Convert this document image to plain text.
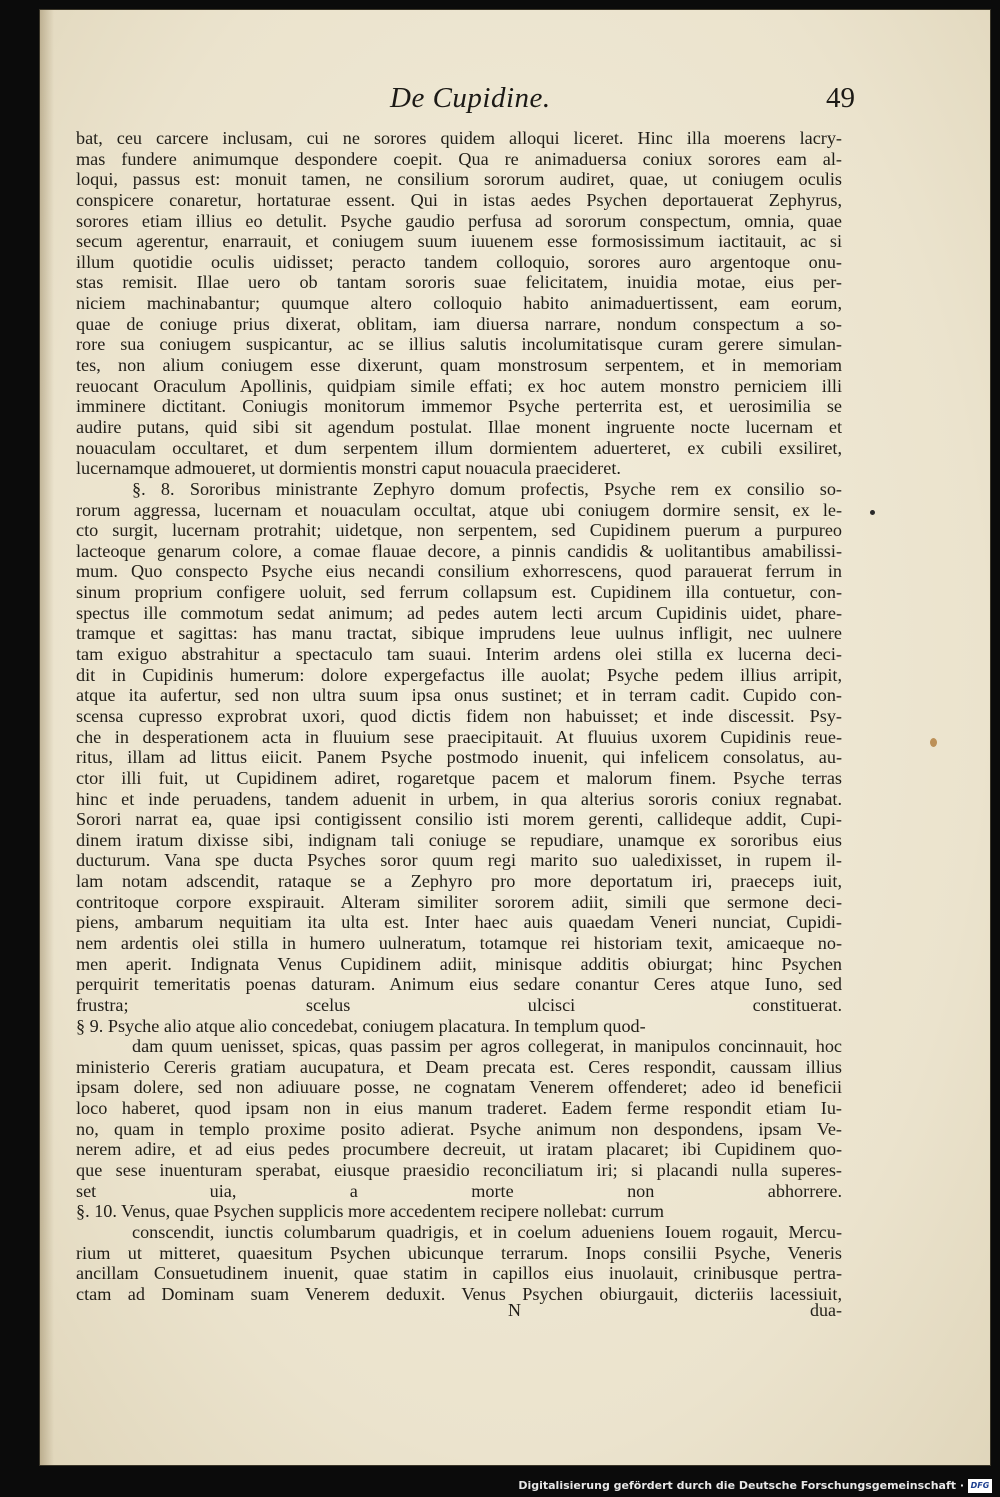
De Cupidine.	49
bat, ceu carcere inclusam, cui ne sorores quidem alloqui liceret. Hinc illa moerens lacry-
mas fundere animumque despondere coepit. Qua re animaduersa coniux sorores eam al-
loqui, passus est: monuit tamen, ne consilium sororum audiret, quae, ut coniugem oculis
conspicere conaretur, hortaturae essent. Qui in istas aedes Psychen deportauerat Zephyrus,
sorores etiam illius eo detulit. Psyche gaudio perfusa ad sororum conspectum, omnia, quae
secum agerentur, enarrauit, et coniugem suum iuuenem esse formosissimum iactitauit, ac si
illum quotidie oculis uidisset; peracto tandem colloquio, sorores auro argentoque onu-
stas remisit. Illae uero ob tantam sororis suae felicitatem, inuidia motae, eius per-
niciem machinabantur; quumque altero colloquio habito animaduertissent, eam eorum,
quae de coniuge prius dixerat, oblitam, iam diuersa narrare, nondum conspectum a so-
rore sua coniugem suspicantur, ac se illius salutis incolumitatisque curam gerere simulan-
tes, non alium coniugem esse dixerunt, quam monstrosum serpentem, et in memoriam
reuocant Oraculum Apollinis, quidpiam simile effati; ex hoc autem monstro perniciem illi
imminere dictitant. Coniugis monitorum immemor Psyche perterrita est, et uerosimilia se
audire putans, quid sibi sit agendum postulat. Illae monent ingruente nocte lucernam et
nouaculam occultaret, et dum serpentem illum dormientem aduerteret, ex cubili exsiliret,
lucernamque admoueret, ut dormientis monstri caput nouacula praecideret.
§. 8. Sororibus ministrante Zephyro domum profectis, Psyche rem ex consilio so-
rorum aggressa, lucernam et nouaculam occultat, atque ubi coniugem dormire sensit, ex le-
cto surgit, lucernam protrahit; uidetque, non serpentem, sed Cupidinem puerum a purpureo
lacteoque genarum colore, a comae flauae decore, a pinnis candidis & uolitantibus amabilissi-
mum. Quo conspecto Psyche eius necandi consilium exhorrescens, quod parauerat ferrum in
sinum proprium configere uoluit, sed ferrum collapsum est. Cupidinem illa contuetur, con-
spectus ille commotum sedat animum; ad pedes autem lecti arcum Cupidinis uidet, phare-
tramque et sagittas: has manu tractat, sibique imprudens leue uulnus infligit, nec uulnere
tam exiguo abstrahitur a spectaculo tam suaui. Interim ardens olei stilla ex lucerna deci-
dit in Cupidinis humerum: dolore expergefactus ille auolat; Psyche pedem illius arripit,
atque ita aufertur, sed non ultra suum ipsa onus sustinet; et in terram cadit. Cupido con-
scensa cupresso exprobrat uxori, quod dictis fidem non habuisset; et inde discessit. Psy-
che in desperationem acta in fluuium sese praecipitauit. At fluuius uxorem Cupidinis reue-
ritus, illam ad littus eiicit. Panem Psyche postmodo inuenit, qui infelicem consolatus, au-
ctor illi fuit, ut Cupidinem adiret, rogaretque pacem et malorum finem. Psyche terras
hinc et inde peruadens, tandem aduenit in urbem, in qua alterius sororis coniux regnabat.
Sorori narrat ea, quae ipsi contigissent consilio isti morem gerenti, callideque addit, Cupi-
dinem iratum dixisse sibi, indignam tali coniuge se repudiare, unamque ex sororibus eius
ducturum. Vana spe ducta Psyches soror quum regi marito suo ualedixisset, in rupem il-
lam notam adscendit, rataque se a Zephyro pro more deportatum iri, praeceps iuit,
contritoque corpore exspirauit. Alteram similiter sororem adiit, simili que sermone deci-
piens, ambarum nequitiam ita ulta est. Inter haec auis quaedam Veneri nunciat, Cupidi-
nem ardentis olei stilla in humero uulneratum, totamque rei historiam texit, amicaeque no-
men aperit. Indignata Venus Cupidinem adiit, minisque additis obiurgat; hinc Psychen
perquirit temeritatis poenas daturam. Animum eius sedare conantur Ceres atque Iuno, sed
frustra; scelus ulcisci constituerat.
§ 9. Psyche alio atque alio concedebat, coniugem placatura. In templum quod-
dam quum uenisset, spicas, quas passim per agros collegerat, in manipulos concinnauit, hoc
ministerio Cereris gratiam aucupatura, et Deam precata est. Ceres respondit, caussam illius
ipsam dolere, sed non adiuuare posse, ne cognatam Venerem offenderet; adeo id beneficii
loco haberet, quod ipsam non in eius manum traderet. Eadem ferme respondit etiam Iu-
no, quam in templo proxime posito adierat. Psyche animum non despondens, ipsam Ve-
nerem adire, et ad eius pedes procumbere decreuit, ut iratam placaret; ibi Cupidinem quo-
que sese inuenturam sperabat, eiusque praesidio reconciliatum iri; si placandi nulla superes-
set uia, a morte non abhorrere.
§. 10. Venus, quae Psychen supplicis more accedentem recipere nollebat: currum
conscendit, iunctis columbarum quadrigis, et in coelum adueniens Iouem rogauit, Mercu-
rium ut mitteret, quaesitum Psychen ubicunque terrarum. Inops consilii Psyche, Veneris
ancillam Consuetudinem inuenit, quae statim in capillos eius inuolauit, crinibusque pertra-
ctam ad Dominam suam Venerem deduxit. Venus Psychen obiurgauit, dicteriis lacessiuit,
N	dua-
Digitalisierung gefördert durch die Deutsche Forschungsgemeinschaft · DFG
